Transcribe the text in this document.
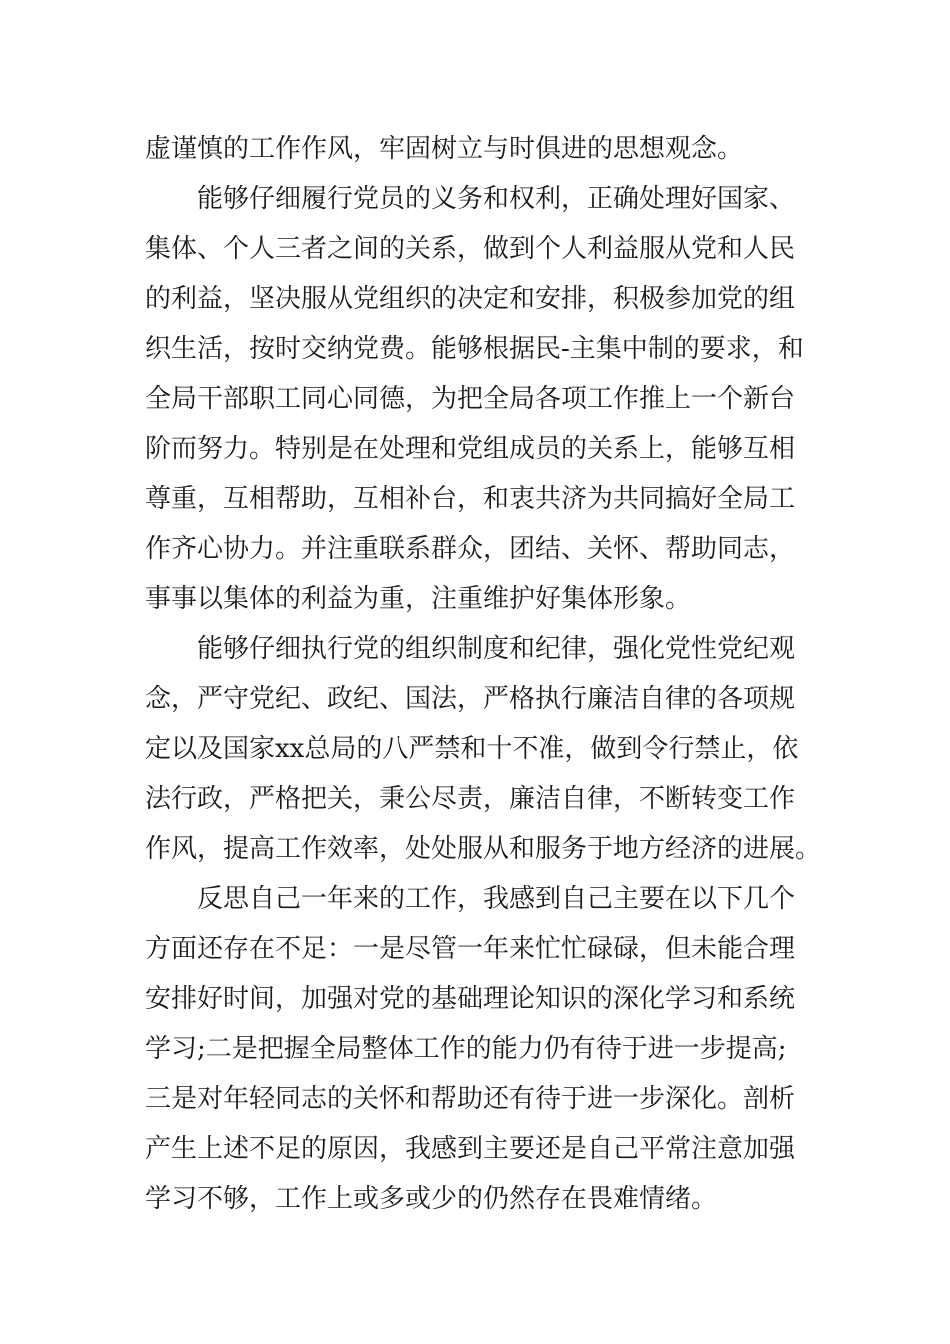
虚谨慎的工作作风，牢固树立与时俱进的思想观念。
能够仔细履行党员的义务和权利，正确处理好国家、
集体、个人三者之间的关系，做到个人利益服从党和人民
的利益，坚决服从党组织的决定和安排，积极参加党的组
织生活，按时交纳党费。能够根据民-主集中制的要求，和
全局干部职工同心同德，为把全局各项工作推上一个新台
阶而努力。特别是在处理和党组成员的关系上，能够互相
尊重，互相帮助，互相补台，和衷共济为共同搞好全局工
作齐心协力。并注重联系群众，团结、关怀、帮助同志，
事事以集体的利益为重，注重维护好集体形象。
能够仔细执行党的组织制度和纪律，强化党性党纪观
念，严守党纪、政纪、国法，严格执行廉洁自律的各项规
定以及国家xx总局的八严禁和十不准，做到令行禁止，依
法行政，严格把关，秉公尽责，廉洁自律，不断转变工作
作风，提高工作效率，处处服从和服务于地方经济的进展。
反思自己一年来的工作，我感到自己主要在以下几个
方面还存在不足：一是尽管一年来忙忙碌碌，但未能合理
安排好时间，加强对党的基础理论知识的深化学习和系统
学习;二是把握全局整体工作的能力仍有待于进一步提高;
三是对年轻同志的关怀和帮助还有待于进一步深化。剖析
产生上述不足的原因，我感到主要还是自己平常注意加强
学习不够，工作上或多或少的仍然存在畏难情绪。
